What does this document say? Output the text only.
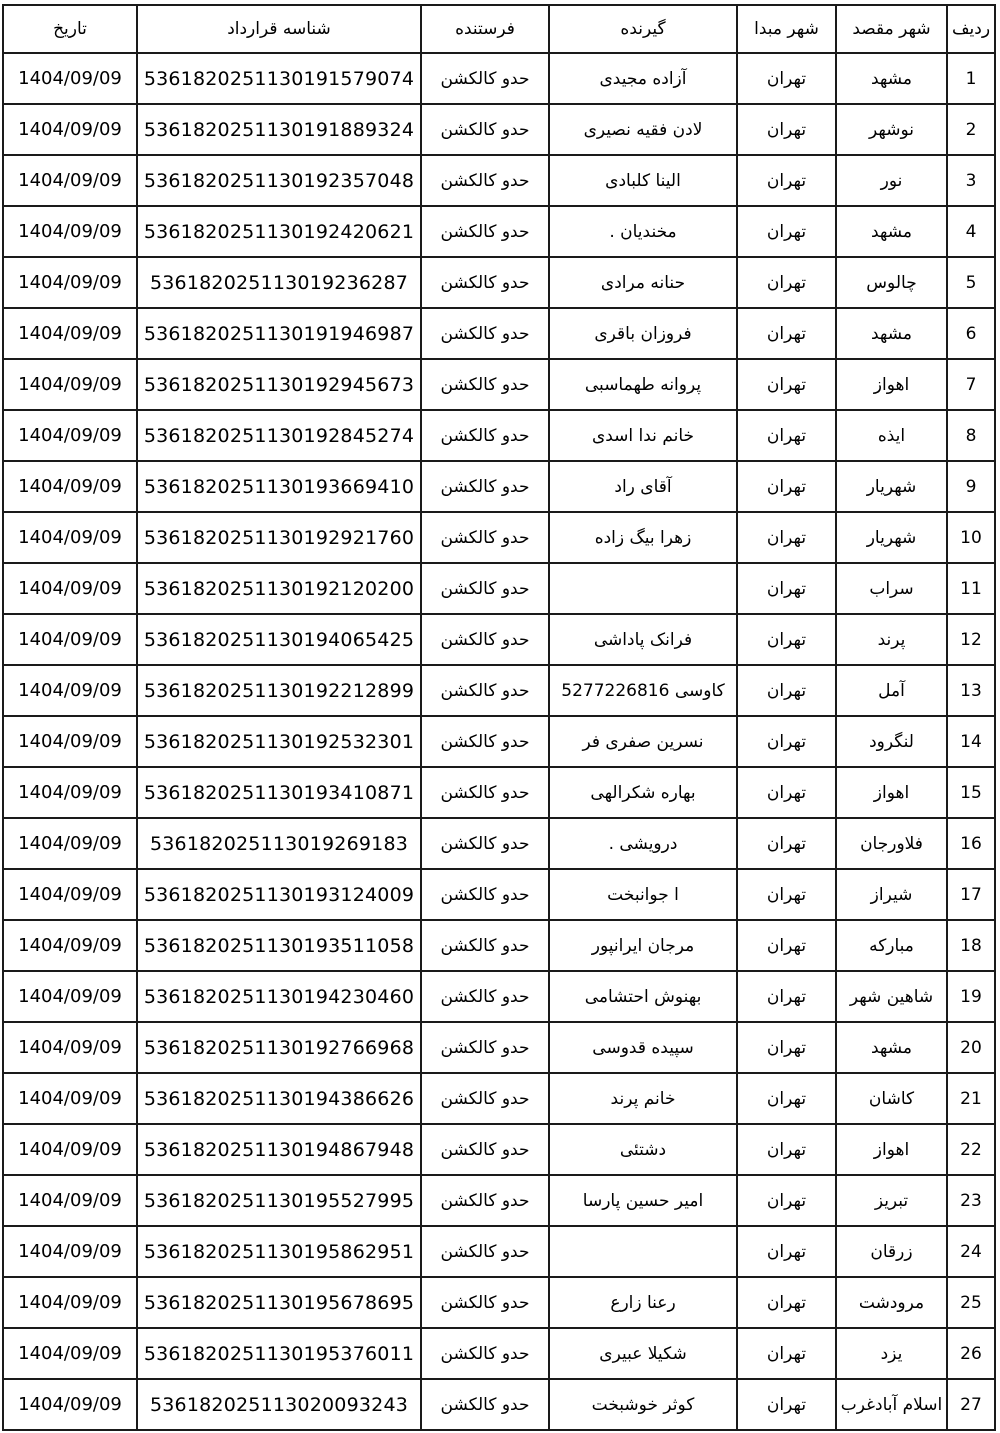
ردیف	شهر مقصد	شهر مبدا	گیرنده	فرستنده	شناسه قرارداد	تاریخ
1	مشهد	تهران	آزاده مجیدی	حدو کالکشن	53618202511301915790​74	1404/09/09
2	نوشهر	تهران	لادن فقیه نصیری	حدو کالکشن	536182025113019188932​4	1404/09/09
3	نور	تهران	الینا کلبادی	حدو کالکشن	53618202511301923570​48	1404/09/09
4	مشهد	تهران	مخندیان .	حدو کالکشن	53618202511301924206​21	1404/09/09
5	چالوس	تهران	حنانه مرادی	حدو کالکشن	536182025113019236287	1404/09/09
6	مشهد	تهران	فروزان باقری	حدو کالکشن	53618202511301919469​87	1404/09/09
7	اهواز	تهران	پروانه طهماسبی	حدو کالکشن	53618202511301929456​73	1404/09/09
8	ایذه	تهران	خانم ندا اسدی	حدو کالکشن	53618202511301928452​74	1404/09/09
9	شهریار	تهران	آقای راد	حدو کالکشن	53618202511301936694​10	1404/09/09
10	شهریار	تهران	زهرا بیگ زاده	حدو کالکشن	53618202511301929217​60	1404/09/09
11	سراب	تهران		حدو کالکشن	53618202511301921202​00	1404/09/09
12	پرند	تهران	فرانک پاداشی	حدو کالکشن	53618202511301940654​25	1404/09/09
13	آمل	تهران	کاوسی 5277226816	حدو کالکشن	53618202511301922128​99	1404/09/09
14	لنگرود	تهران	نسرین صفری فر	حدو کالکشن	53618202511301925323​01	1404/09/09
15	اهواز	تهران	بهاره شکرالهی	حدو کالکشن	53618202511301934108​71	1404/09/09
16	فلاورجان	تهران	درویشی .	حدو کالکشن	536182025113019269183	1404/09/09
17	شیراز	تهران	ا جوانبخت	حدو کالکشن	53618202511301931240​09	1404/09/09
18	مبارکه	تهران	مرجان ایرانپور	حدو کالکشن	53618202511301935110​58	1404/09/09
19	شاهین شهر	تهران	بهنوش احتشامی	حدو کالکشن	53618202511301942304​60	1404/09/09
20	مشهد	تهران	سپیده قدوسی	حدو کالکشن	53618202511301927669​68	1404/09/09
21	کاشان	تهران	خانم پرند	حدو کالکشن	53618202511301943866​26	1404/09/09
22	اهواز	تهران	دشتئی	حدو کالکشن	53618202511301948679​48	1404/09/09
23	تبریز	تهران	امیر حسین پارسا	حدو کالکشن	53618202511301955279​95	1404/09/09
24	زرقان	تهران		حدو کالکشن	53618202511301958629​51	1404/09/09
25	مرودشت	تهران	رعنا زارع	حدو کالکشن	53618202511301956786​95	1404/09/09
26	یزد	تهران	شکیلا عبیری	حدو کالکشن	53618202511301953760​11	1404/09/09
27	اسلام آبادغرب	تهران	کوثر خوشبخت	حدو کالکشن	536182025113020093243	1404/09/09
